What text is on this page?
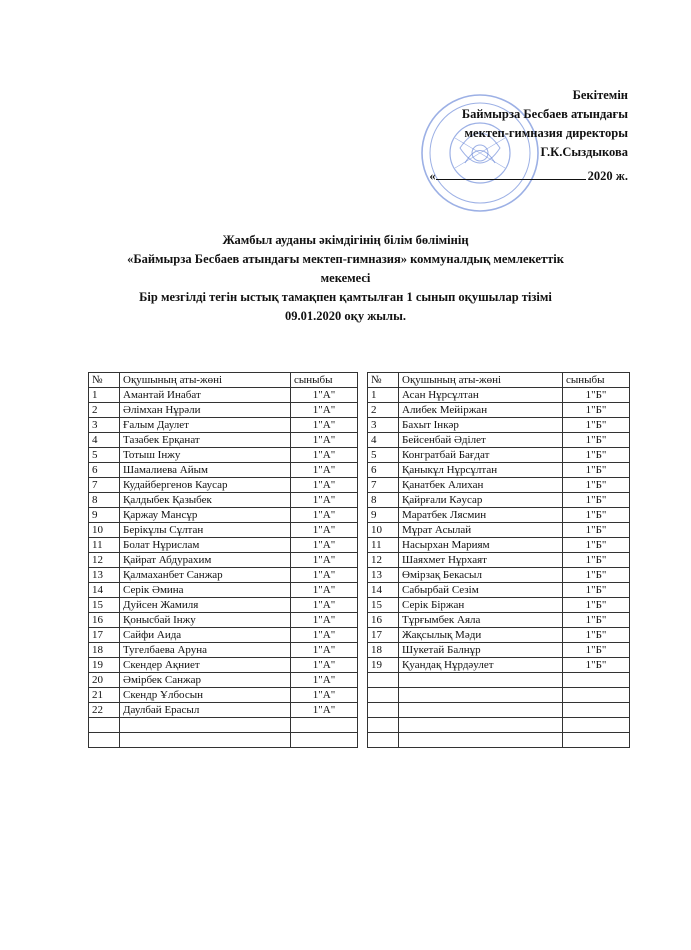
Бекітемін
Баймырза Бесбаев атындағы
мектеп-гимназия директоры
Г.К.Сыздыкова
«	2020 ж.
Жамбыл ауданы әкімдігінің білім бөлімінің
«Баймырза Бесбаев атындағы мектеп-гимназия» коммуналдық мемлекеттік
мекемесі
Бір мезгілді тегін ыстық тамақпен қамтылған 1 сынып оқушылар тізімі
09.01.2020 оқу жылы.
№	Оқушының аты-жөні	сыныбы
1	Амантай Инабат	1"А"
2	Әлімхан Нұрәли	1"А"
3	Ғалым Даулет	1"А"
4	Тазабек Ерқанат	1"А"
5	Тотыш Інжу	1"А"
6	Шамалиева Айым	1"А"
7	Кудайбергенов Каусар	1"А"
8	Қалдыбек Қазыбек	1"А"
9	Қаржау Мансұр	1"А"
10	Берікұлы Сұлтан	1"А"
11	Болат Нұрислам	1"А"
12	Қайрат Абдурахим	1"А"
13	Қалмаханбет Санжар	1"А"
14	Серік Әмина	1"А"
15	Дуйсен Жамиля	1"А"
16	Қоныcбай Інжу	1"А"
17	Сайфи Аида	1"А"
18	Тугелбаева Аруна	1"А"
19	Скендер Ақниет	1"А"
20	Әмірбек Санжар	1"А"
21	Скендр Ұлбосын	1"А"
22	Даулбай Ерасыл	1"А"

№	Оқушының аты-жөні	сыныбы
1	Асан Нұрсұлтан	1"Б"
2	Алибек Мейіржан	1"Б"
3	Бахыт Інкәр	1"Б"
4	Бейсенбай Әділет	1"Б"
5	Конгратбай Бағдат	1"Б"
6	Қаныкұл Нұрсұлтан	1"Б"
7	Қанатбек Алихан	1"Б"
8	Қайрғали Кәусар	1"Б"
9	Маратбек Лясмин	1"Б"
10	Мұрат Асылай	1"Б"
11	Насырхан Мариям	1"Б"
12	Шаяхмет Нұрхаят	1"Б"
13	Өмірзақ Бекасыл	1"Б"
14	Сабырбай Сезім	1"Б"
15	Серік Біржан	1"Б"
16	Тұрғымбек Аяла	1"Б"
17	Жақсылық Мәди	1"Б"
18	Шукетай Балнұр	1"Б"
19	Қуандақ Нұрдәулет	1"Б"
